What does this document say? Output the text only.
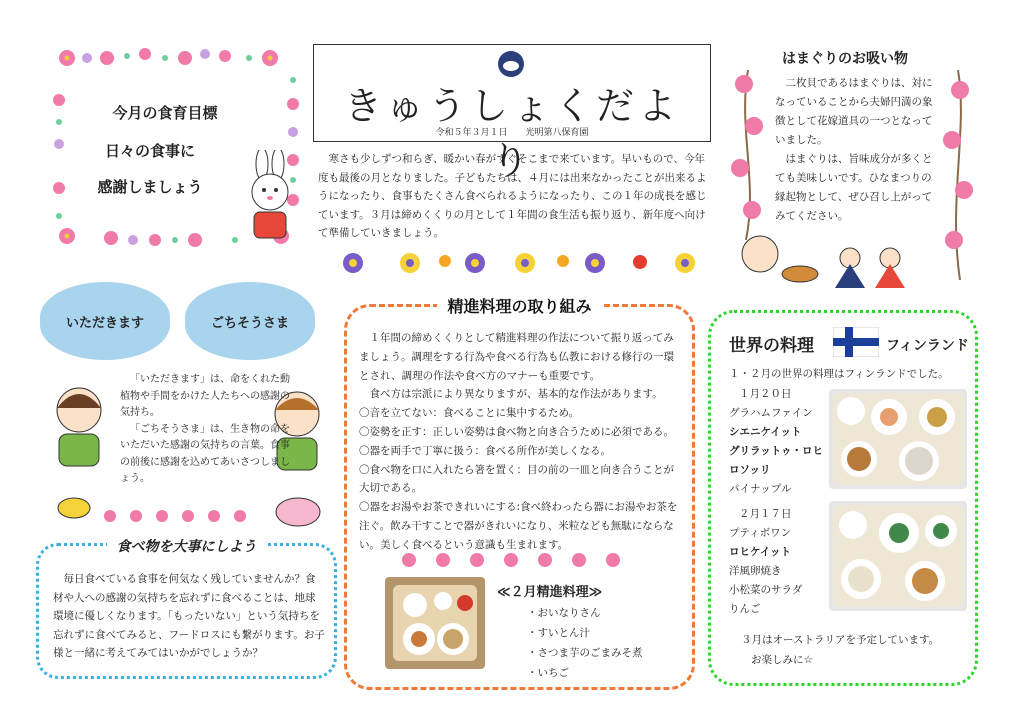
今月の食育目標
日々の食事に
感謝しましょう
きゅうしょくだより
令和５年３月１日　　光明第八保育園

寒さも少しずつ和らぎ、暖かい春がすぐそこまで来ています。早いもので、今年度も最後の月となりました。子どもたちは、４月には出来なかったことが出来るようになったり、食事もたくさん食べられるようになったり、この１年の成長を感じています。３月は締めくくりの月として１年間の食生活も振り返り、新年度へ向けて準備していきましょう。

はまぐりのお吸い物

二枚貝であるはまぐりは、対になっていることから夫婦円満の象徴として花嫁道具の一つとなっていました。

はまぐりは、旨味成分が多くとても美味しいです。ひなまつりの縁起物として、ぜひ召し上がってみてください。

いただきます	ごちそうさま

「いただきます」は、命をくれた動植物や手間をかけた人たちへの感謝の気持ち。

「ごちそうさま」は、生き物の命をいただいた感謝の気持ちの言葉。食事の前後に感謝を込めてあいさつしましょう。

食べ物を大事にしよう

毎日食べている食事を何気なく残していませんか？食材や人への感謝の気持ちを忘れずに食べることは、地球環境に優しくなります。「もったいない」という気持ちを忘れずに食べてみると、フードロスにも繋がります。お子様と一緒に考えてみてはいかがでしょうか？

精進料理の取り組み

１年間の締めくくりとして精進料理の作法について振り返ってみましょう。調理をする行為や食べる行為も仏教における修行の一環とされ、調理の作法や食べ方のマナーも重要です。

食べ方は宗派により異なりますが、基本的な作法があります。

〇音を立てない：食べることに集中するため。

〇姿勢を正す：正しい姿勢は食べ物と向き合うために必須である。

〇器を両手で丁寧に扱う：食べる所作が美しくなる。

〇食べ物を口に入れたら箸を置く：目の前の一皿と向き合うことが大切である。

〇器をお湯やお茶できれいにする:食べ終わったら器にお湯やお茶を注ぐ。飲み干すことで器がきれいになり、米粒なども無駄にならない。美しく食べるという意識も生まれます。

≪２月精進料理≫
・おいなりさん
・すいとん汁
・さつま芋のごまみそ煮
・いちご
世界の料理	フィンランド
１・２月の世界の料理はフィンランドでした。
１月２０日
グラハムファイン
シエニケイット
グリラットゥ・ロヒロソッリ
パイナップル
２月１７日
プティボワン
ロヒケイット
洋風卵焼き
小松菜のサラダ
りんご
３月はオーストラリアを予定しています。
お楽しみに☆
